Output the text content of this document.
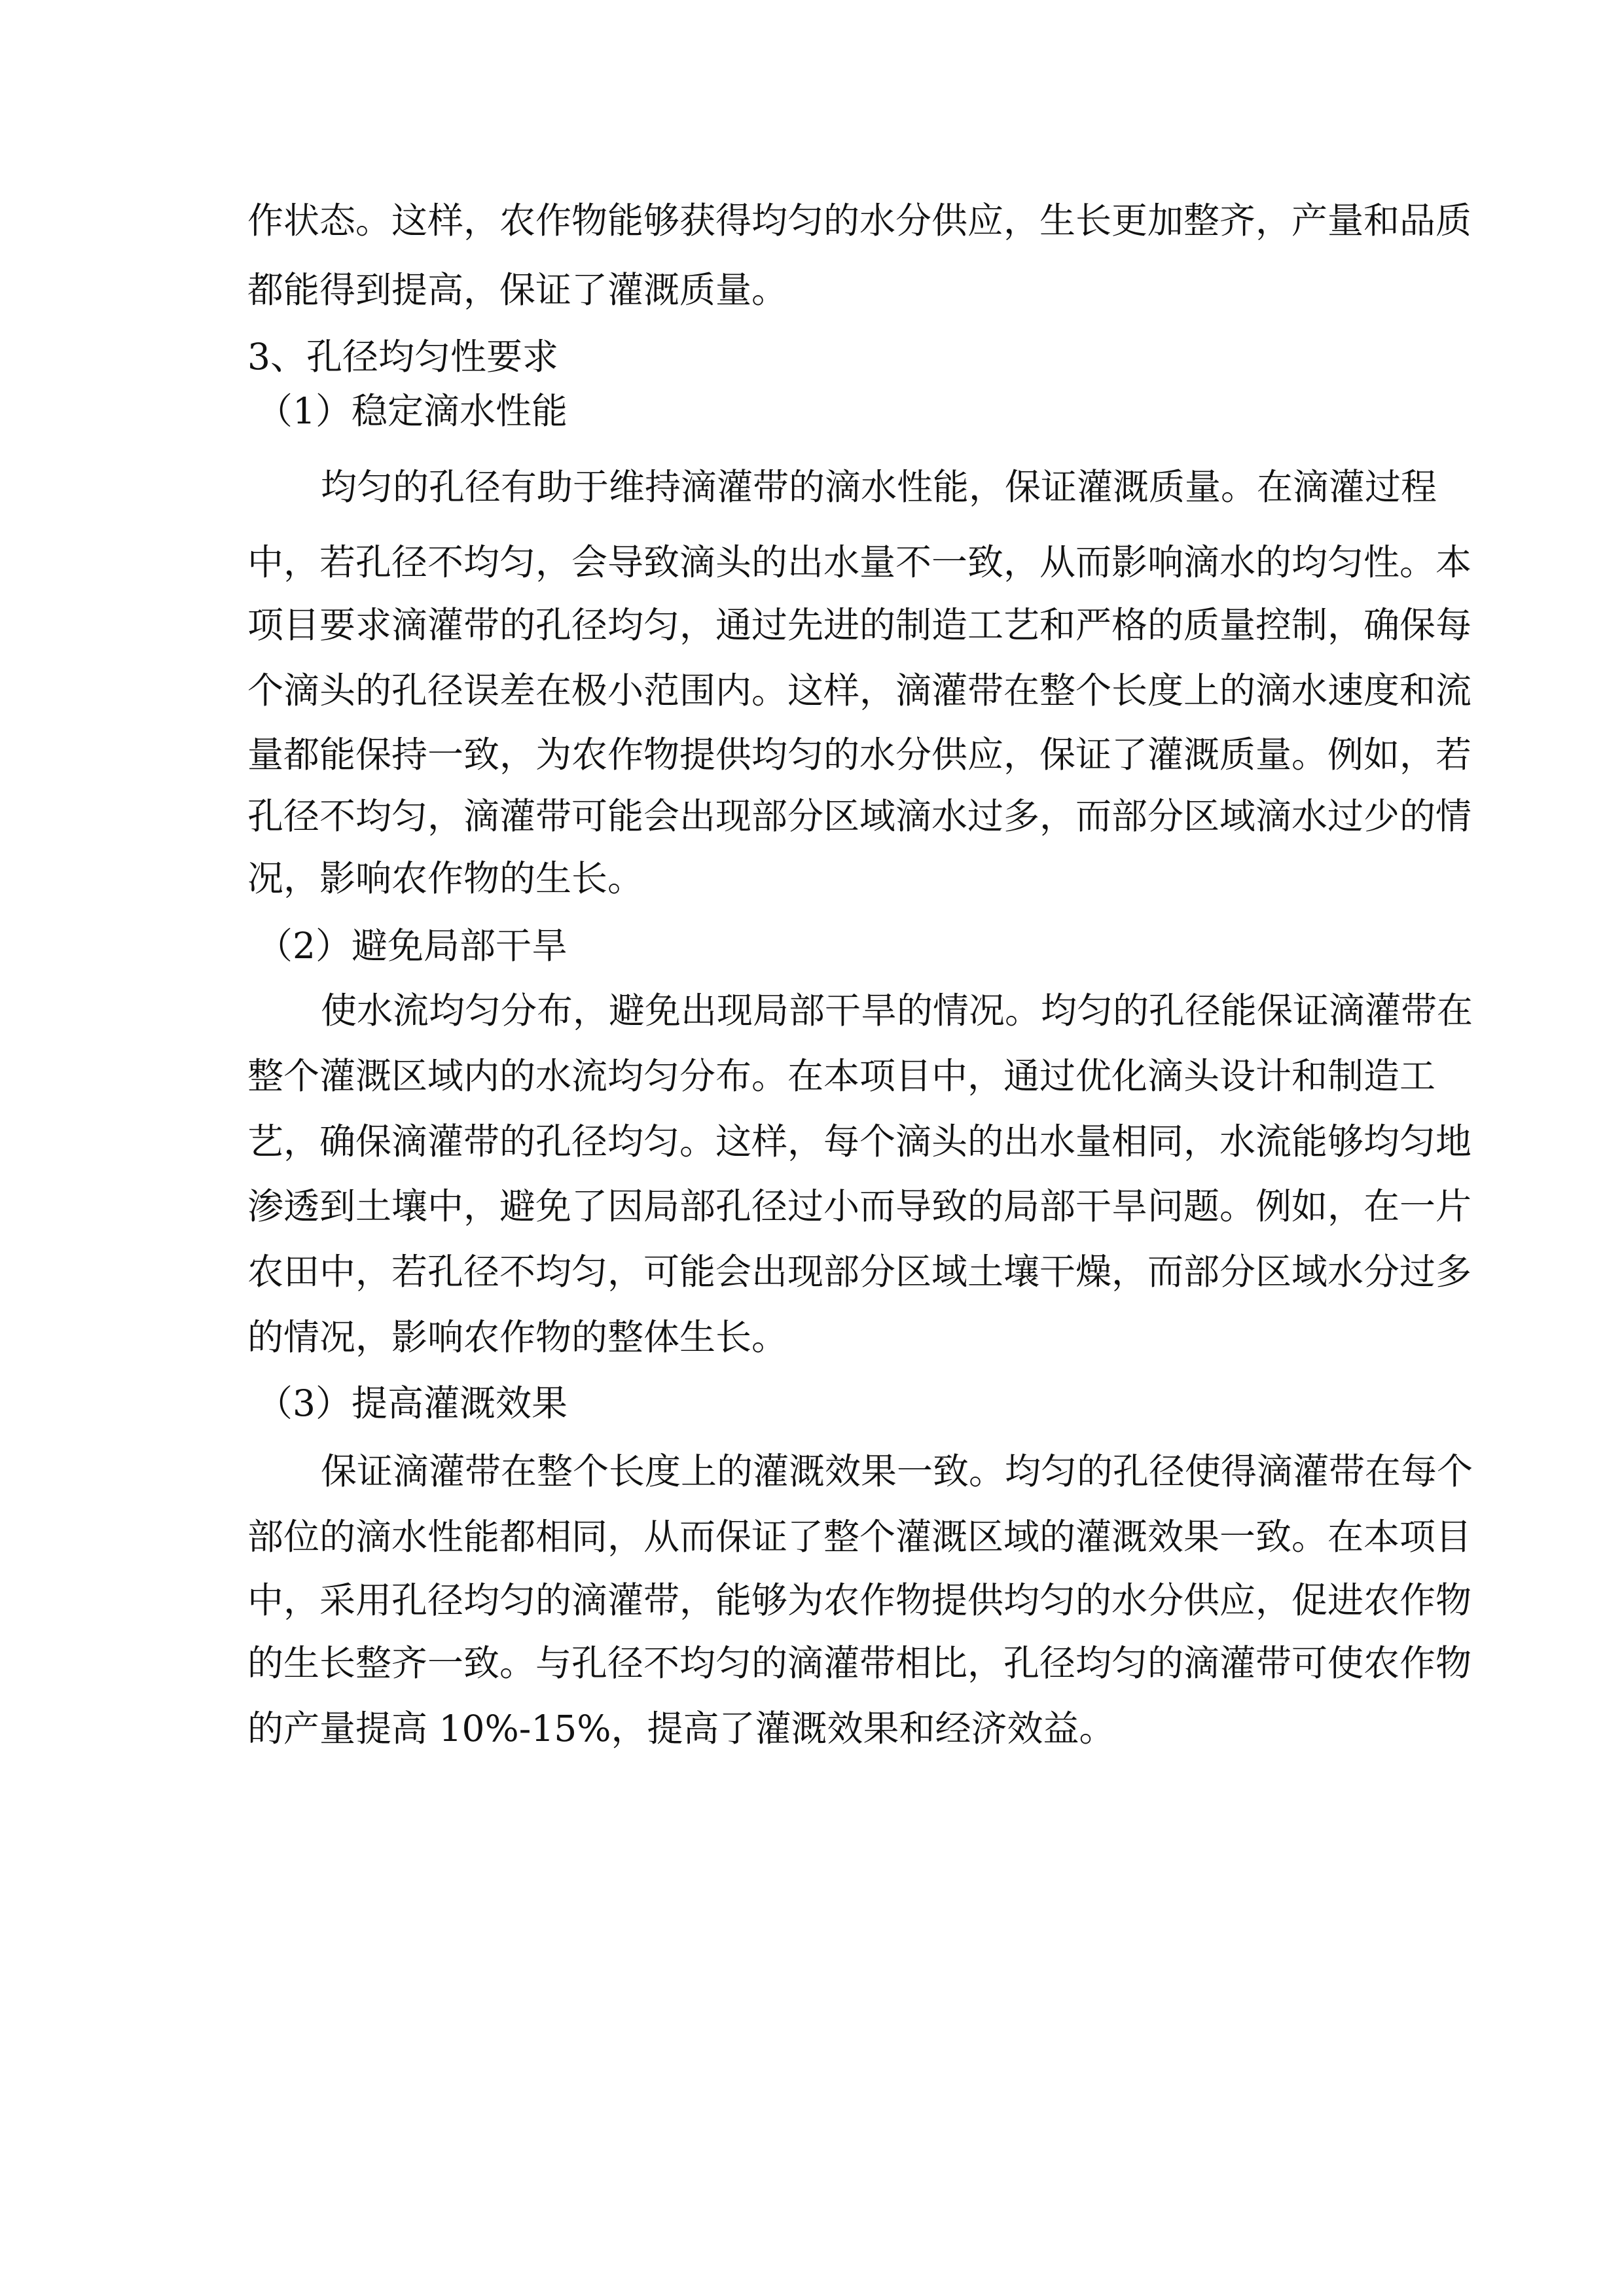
作状态。这样，农作物能够获得均匀的水分供应，生长更加整齐，产量和品质
都能得到提高，保证了灌溉质量。
3、孔径均匀性要求
（1）稳定滴水性能
均匀的孔径有助于维持滴灌带的滴水性能，保证灌溉质量。在滴灌过程
中，若孔径不均匀，会导致滴头的出水量不一致，从而影响滴水的均匀性。本
项目要求滴灌带的孔径均匀，通过先进的制造工艺和严格的质量控制，确保每
个滴头的孔径误差在极小范围内。这样，滴灌带在整个长度上的滴水速度和流
量都能保持一致，为农作物提供均匀的水分供应，保证了灌溉质量。例如，若
孔径不均匀，滴灌带可能会出现部分区域滴水过多，而部分区域滴水过少的情
况，影响农作物的生长。
（2）避免局部干旱
使水流均匀分布，避免出现局部干旱的情况。均匀的孔径能保证滴灌带在
整个灌溉区域内的水流均匀分布。在本项目中，通过优化滴头设计和制造工
艺，确保滴灌带的孔径均匀。这样，每个滴头的出水量相同，水流能够均匀地
渗透到土壤中，避免了因局部孔径过小而导致的局部干旱问题。例如，在一片
农田中，若孔径不均匀，可能会出现部分区域土壤干燥，而部分区域水分过多
的情况，影响农作物的整体生长。
（3）提高灌溉效果
保证滴灌带在整个长度上的灌溉效果一致。均匀的孔径使得滴灌带在每个
部位的滴水性能都相同，从而保证了整个灌溉区域的灌溉效果一致。在本项目
中，采用孔径均匀的滴灌带，能够为农作物提供均匀的水分供应，促进农作物
的生长整齐一致。与孔径不均匀的滴灌带相比，孔径均匀的滴灌带可使农作物
的产量提高 10%-15%，提高了灌溉效果和经济效益。
